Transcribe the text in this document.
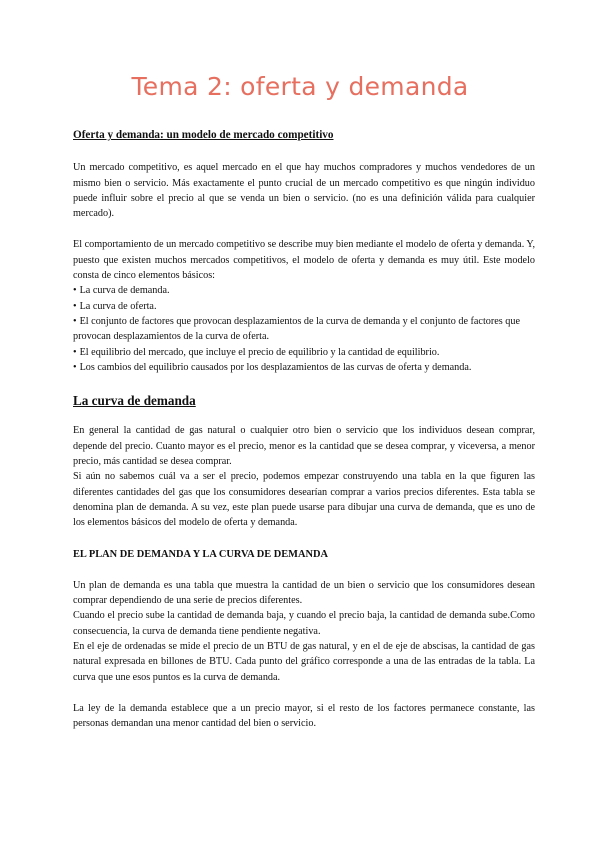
Tema 2: oferta y demanda
Oferta y demanda: un modelo de mercado competitivo

Un mercado competitivo, es aquel mercado en el que hay muchos compradores y muchos vendedores de un mismo bien o servicio. Más exactamente el punto crucial de un mercado competitivo es que ningún individuo puede influir sobre el precio al que se venda un bien o servicio. (no es una definición válida para cualquier mercado).

El comportamiento de un mercado competitivo se describe muy bien mediante el modelo de oferta y demanda. Y, puesto que existen muchos mercados competitivos, el modelo de oferta y demanda es muy útil. Este modelo consta de cinco elementos básicos:

• La curva de demanda.
• La curva de oferta.
• El conjunto de factores que provocan desplazamientos de la curva de demanda y el conjunto de factores que provocan desplazamientos de la curva de oferta.
• El equilibrio del mercado, que incluye el precio de equilibrio y la cantidad de equilibrio.
• Los cambios del equilibrio causados por los desplazamientos de las curvas de oferta y demanda.
La curva de demanda

En general la cantidad de gas natural o cualquier otro bien o servicio que los individuos desean comprar, depende del precio. Cuanto mayor es el precio, menor es la cantidad que se desea comprar, y viceversa, a menor precio, más cantidad se desea comprar.

Si aún no sabemos cuál va a ser el precio, podemos empezar construyendo una tabla en la que figuren las diferentes cantidades del gas que los consumidores desearían comprar a varios precios diferentes. Esta tabla se denomina plan de demanda. A su vez, este plan puede usarse para dibujar una curva de demanda, que es uno de los elementos básicos del modelo de oferta y demanda.

EL PLAN DE DEMANDA Y LA CURVA DE DEMANDA

Un plan de demanda es una tabla que muestra la cantidad de un bien o servicio que los consumidores desean comprar dependiendo de una serie de precios diferentes.

Cuando el precio sube la cantidad de demanda baja, y cuando el precio baja, la cantidad de demanda sube.Como consecuencia, la curva de demanda tiene pendiente negativa.

En el eje de ordenadas se mide el precio de un BTU de gas natural, y en el de eje de abscisas, la cantidad de gas natural expresada en billones de BTU. Cada punto del gráfico corresponde a una de las entradas de la tabla. La curva que une esos puntos es la curva de demanda.

La ley de la demanda establece que a un precio mayor, si el resto de los factores permanece constante, las personas demandan una menor cantidad del bien o servicio.
